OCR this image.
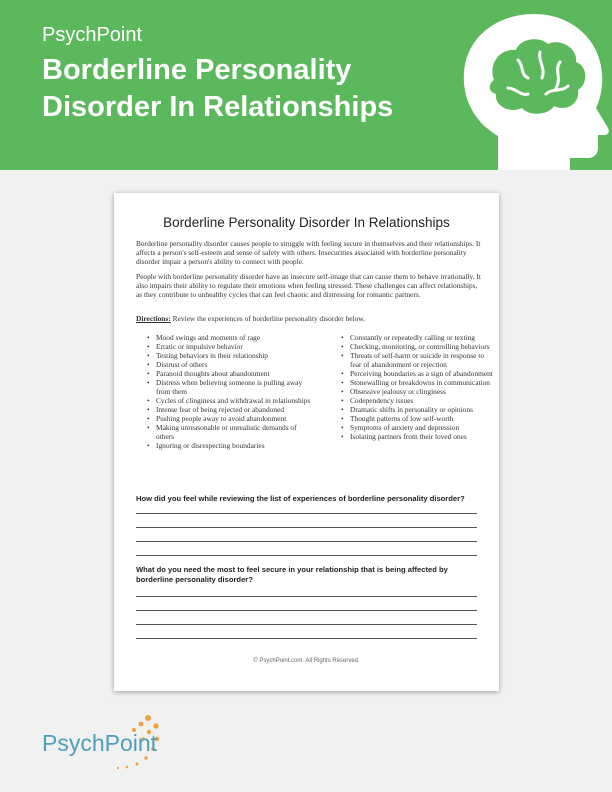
PsychPoint
Borderline Personality
Disorder In Relationships
Borderline Personality Disorder In Relationships
Borderline personality disorder causes people to struggle with feeling secure in themselves and their relationships. It affects a person's self-esteem and sense of safety with others. Insecurities associated with borderline personality disorder impair a person's ability to connect with people.
People with borderline personality disorder have an insecure self-image that can cause them to behave irrationally. It also impairs their ability to regulate their emotions when feeling stressed. These challenges can affect relationships, as they contribute to unhealthy cycles that can feel chaotic and distressing for romantic partners.
Directions: Review the experiences of borderline personality disorder below.
• Mood swings and moments of rage
• Erratic or impulsive behavior
• Testing behaviors in their relationship
• Distrust of others
• Paranoid thoughts about abandonment
• Distress when believing someone is pulling away from them
• Cycles of clinginess and withdrawal in relationships
• Intense fear of being rejected or abandoned
• Pushing people away to avoid abandonment
• Making unreasonable or unrealistic demands of others
• Ignoring or disrespecting boundaries
• Constantly or repeatedly calling or texting
• Checking, monitoring, or controlling behaviors
• Threats of self-harm or suicide in response to fear of abandonment or rejection
• Perceiving boundaries as a sign of abandonment
• Stonewalling or breakdowns in communication
• Obsessive jealousy or clinginess
• Codependency issues
• Dramatic shifts in personality or opinions
• Thought patterns of low self-worth
• Symptoms of anxiety and depression
• Isolating partners from their loved ones
How did you feel while reviewing the list of experiences of borderline personality disorder?
What do you need the most to feel secure in your relationship that is being affected by borderline personality disorder?
© PsychPoint.com. All Rights Reserved.
PsychPoint
